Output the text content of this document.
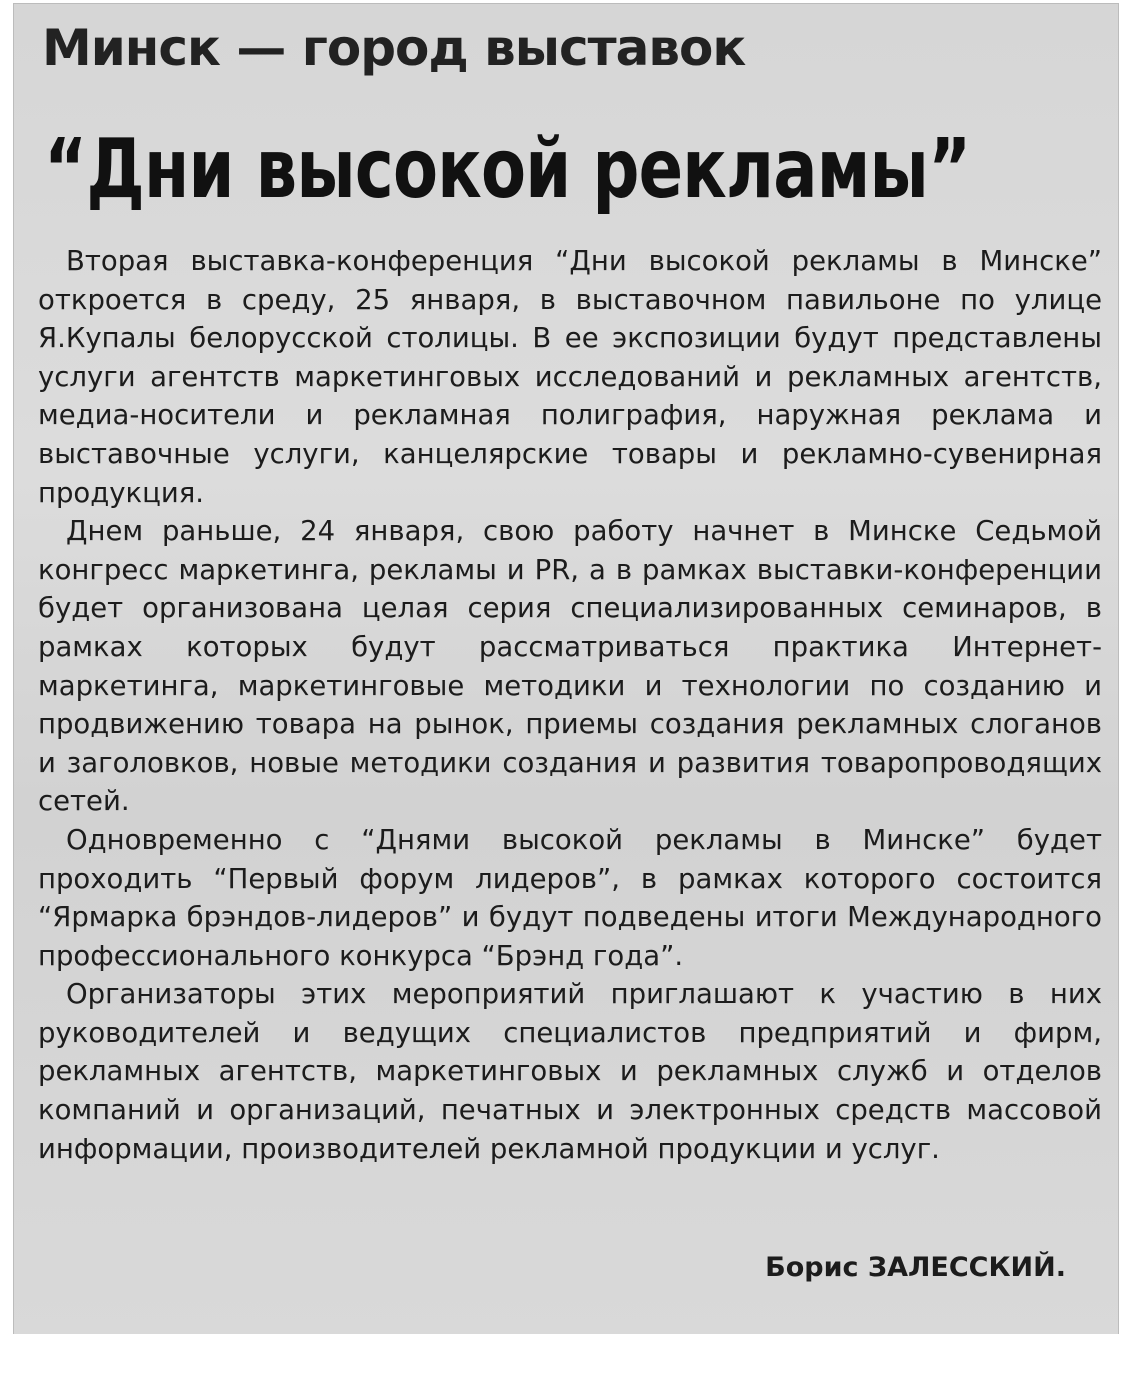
Минск — город выставок
“Дни высокой рекламы”

Вторая выставка-конференция “Дни высокой рекламы в Минске” откроется в среду, 25 января, в выставочном павильоне по улице Я.Купалы белорусской столицы. В ее экспозиции будут представлены услуги агентств маркетинговых исследований и рекламных агентств, медиа-носители и рекламная полиграфия, наружная реклама и выставочные услуги, канцелярские товары и рекламно-сувенирная продукция.

Днем раньше, 24 января, свою работу начнет в Минске Седьмой конгресс маркетинга, рекламы и PR, а в рамках выставки-конференции будет организована целая серия специализированных семинаров, в рамках которых будут рассматриваться практика Интернет-маркетинга, маркетинговые методики и технологии по созданию и продвижению товара на рынок, приемы создания рекламных слоганов и заголовков, новые методики создания и развития товаропроводящих сетей.

Одновременно с “Днями высокой рекламы в Минске” будет проходить “Первый форум лидеров”, в рамках которого состоится “Ярмарка брэндов-лидеров” и будут подведены итоги Международного профессионального конкурса “Брэнд года”.

Организаторы этих мероприятий приглашают к участию в них руководителей и ведущих специалистов предприятий и фирм, рекламных агентств, маркетинговых и рекламных служб и отделов компаний и организаций, печатных и электронных средств массовой информации, производителей рекламной продукции и услуг.

Борис ЗАЛЕССКИЙ.
